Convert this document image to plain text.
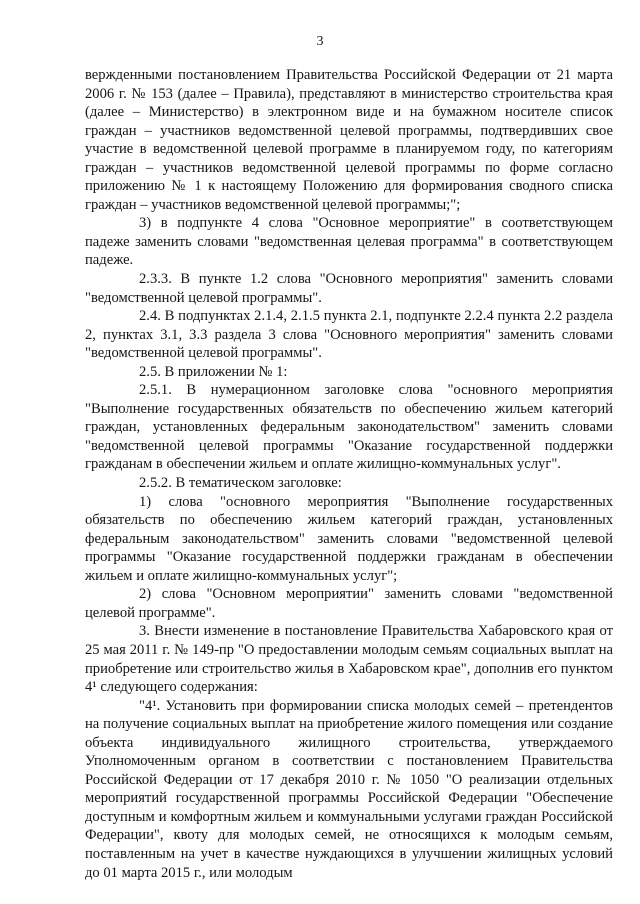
3

вержденными постановлением Правительства Российской Федерации от 21 марта 2006 г. № 153 (далее – Правила), представляют в министерство строительства края (далее – Министерство) в электронном виде и на бумажном носителе список граждан – участников ведомственной целевой программы, подтвердивших свое участие в ведомственной целевой программе в планируемом году, по категориям граждан – участников ведомственной целевой программы по форме согласно приложению № 1 к настоящему Положению для формирования сводного списка граждан – участников ведомственной целевой программы;";

3) в подпункте 4 слова "Основное мероприятие" в соответствующем падеже заменить словами "ведомственная целевая программа" в соответствующем падеже.

2.3.3. В пункте 1.2 слова "Основного мероприятия" заменить словами "ведомственной целевой программы".

2.4. В подпунктах 2.1.4, 2.1.5 пункта 2.1, подпункте 2.2.4 пункта 2.2 раздела 2, пунктах 3.1, 3.3 раздела 3 слова "Основного мероприятия" заменить словами "ведомственной целевой программы".

2.5. В приложении № 1:

2.5.1. В нумерационном заголовке слова "основного мероприятия "Выполнение государственных обязательств по обеспечению жильем категорий граждан, установленных федеральным законодательством" заменить словами "ведомственной целевой программы "Оказание государственной поддержки гражданам в обеспечении жильем и оплате жилищно-коммунальных услуг".

2.5.2. В тематическом заголовке:

1) слова "основного мероприятия "Выполнение государственных обязательств по обеспечению жильем категорий граждан, установленных федеральным законодательством" заменить словами "ведомственной целевой программы "Оказание государственной поддержки гражданам в обеспечении жильем и оплате жилищно-коммунальных услуг";

2) слова "Основном мероприятии" заменить словами "ведомственной целевой программе".

3. Внести изменение в постановление Правительства Хабаровского края от 25 мая 2011 г. № 149-пр "О предоставлении молодым семьям социальных выплат на приобретение или строительство жилья в Хабаровском крае", дополнив его пунктом 4¹ следующего содержания:

"4¹. Установить при формировании списка молодых семей – претендентов на получение социальных выплат на приобретение жилого помещения или создание объекта индивидуального жилищного строительства, утверждаемого Уполномоченным органом в соответствии с постановлением Правительства Российской Федерации от 17 декабря 2010 г. № 1050 "О реализации отдельных мероприятий государственной программы Российской Федерации "Обеспечение доступным и комфортным жильем и коммунальными услугами граждан Российской Федерации", квоту для молодых семей, не относящихся к молодым семьям, поставленным на учет в качестве нуждающихся в улучшении жилищных условий до 01 марта 2015 г., или молодым
